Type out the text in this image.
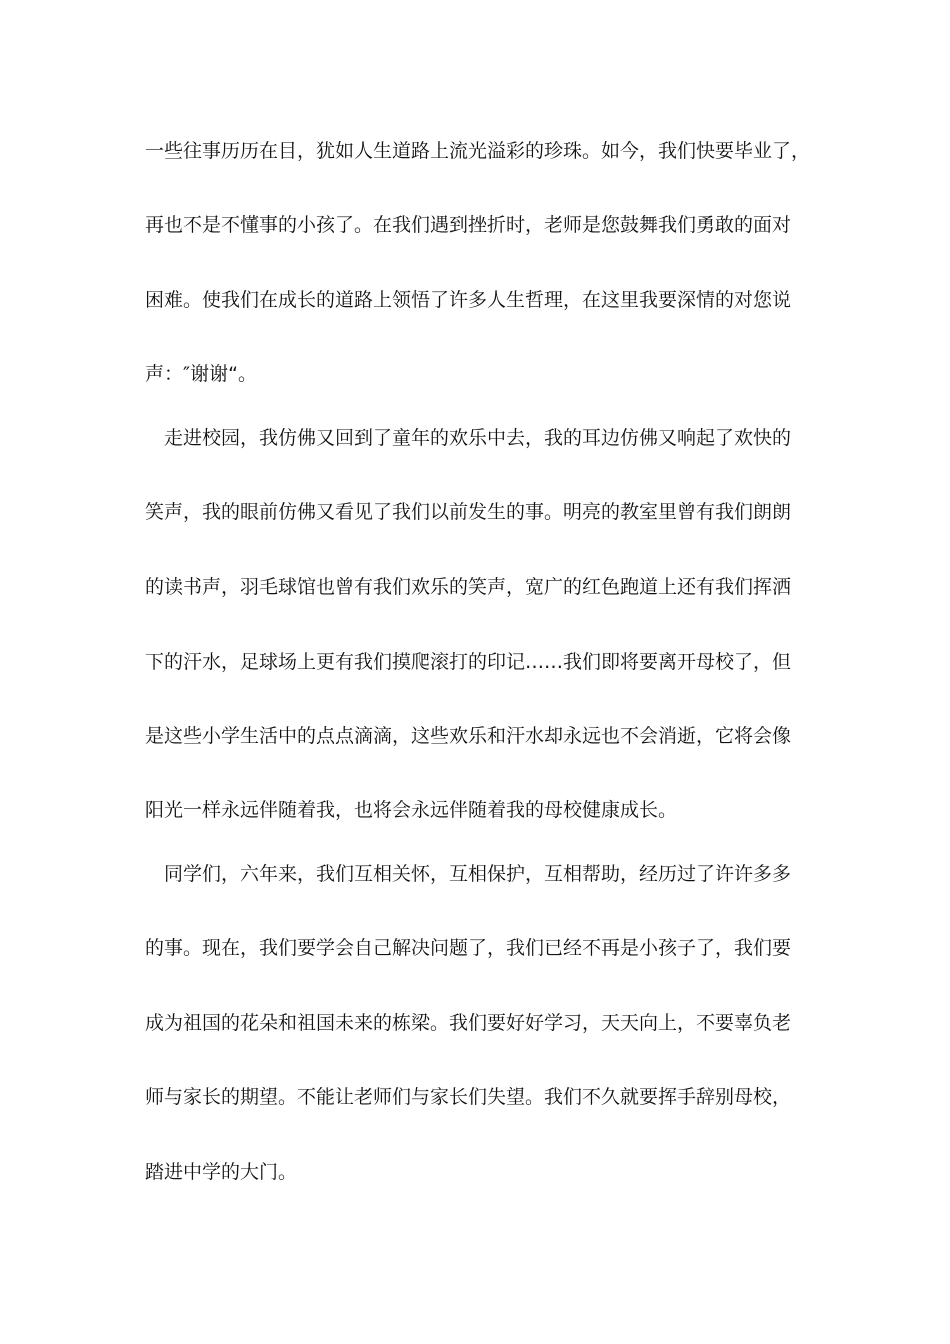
一些往事历历在目，犹如人生道路上流光溢彩的珍珠。如今，我们快要毕业了，
再也不是不懂事的小孩了。在我们遇到挫折时，老师是您鼓舞我们勇敢的面对
困难。使我们在成长的道路上领悟了许多人生哲理，在这里我要深情的对您说
声：″谢谢“。
　走进校园，我仿佛又回到了童年的欢乐中去，我的耳边仿佛又响起了欢快的
笑声，我的眼前仿佛又看见了我们以前发生的事。明亮的教室里曾有我们朗朗
的读书声，羽毛球馆也曾有我们欢乐的笑声，宽广的红色跑道上还有我们挥洒
下的汗水，足球场上更有我们摸爬滚打的印记……我们即将要离开母校了，但
是这些小学生活中的点点滴滴，这些欢乐和汗水却永远也不会消逝，它将会像
阳光一样永远伴随着我，也将会永远伴随着我的母校健康成长。
　同学们，六年来，我们互相关怀，互相保护，互相帮助，经历过了许许多多
的事。现在，我们要学会自己解决问题了，我们已经不再是小孩子了，我们要
成为祖国的花朵和祖国未来的栋梁。我们要好好学习，天天向上，不要辜负老
师与家长的期望。不能让老师们与家长们失望。我们不久就要挥手辞别母校，
踏进中学的大门。
